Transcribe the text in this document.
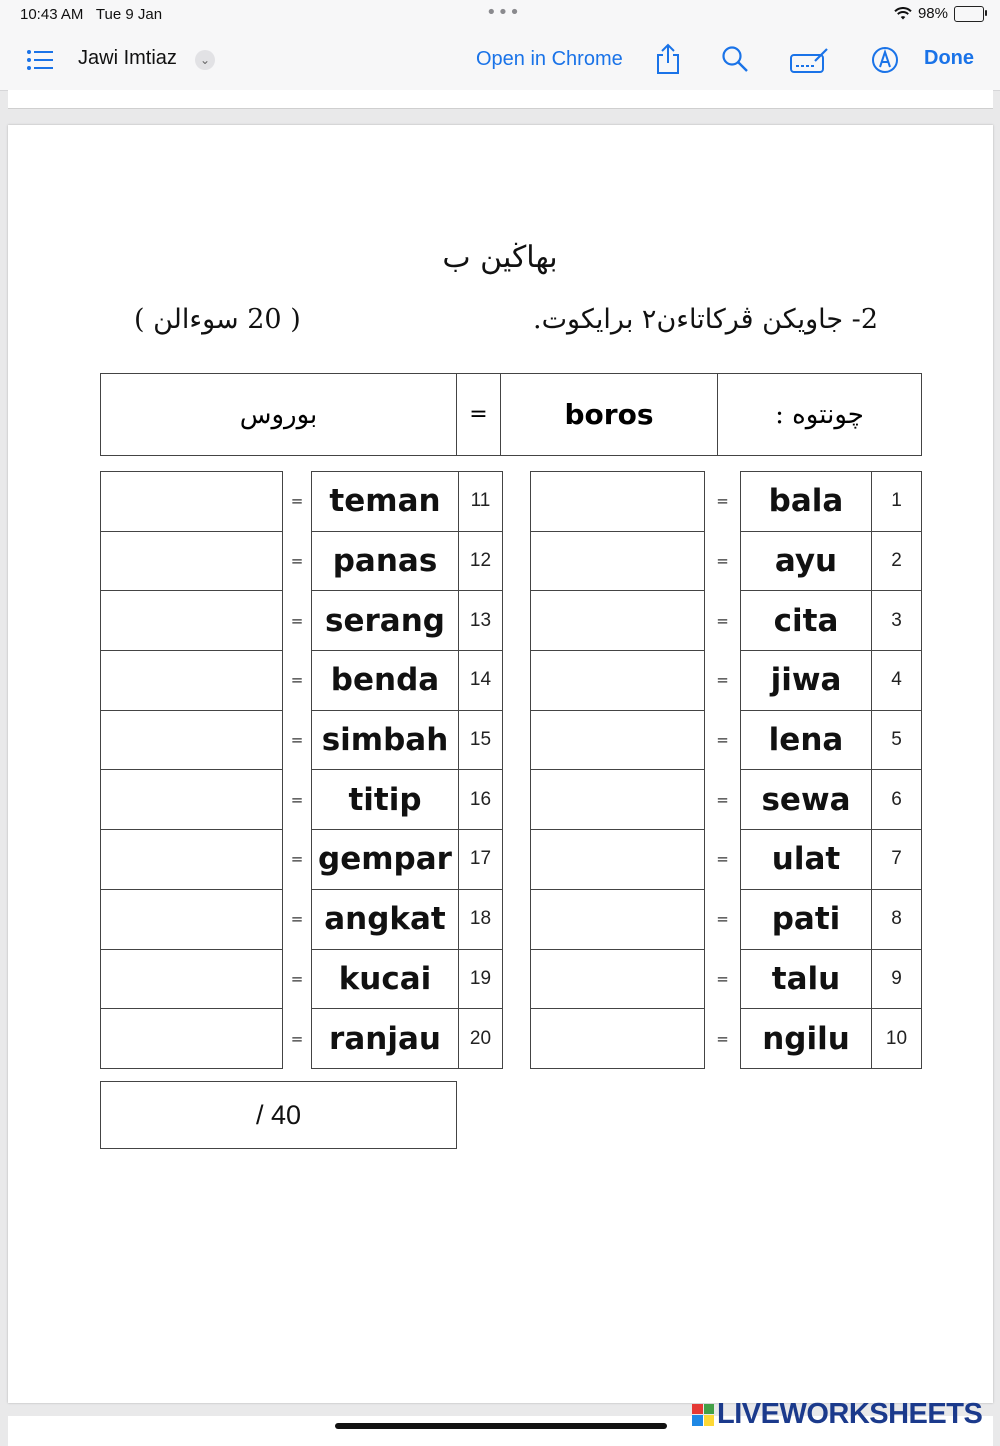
10:43 AM Tue 9 Jan	•••	98%
Jawi Imtiaz	⌄	Open in Chrome	Done
بهاڬين ب
2- جاويکن ڤرکاتاءن٢ برايکوت.
( 20 سوءالن )
بوروس	=	boros	چونتوه :
	=	bala	1
	=	ayu	2
	=	cita	3
	=	jiwa	4
	=	lena	5
	=	sewa	6
	=	ulat	7
	=	pati	8
	=	talu	9
	=	ngilu	10
	=	teman	11
	=	panas	12
	=	serang	13
	=	benda	14
	=	simbah	15
	=	titip	16
	=	gempar	17
	=	angkat	18
	=	kucai	19
	=	ranjau	20
/ 40
LIVEWORKSHEETS
